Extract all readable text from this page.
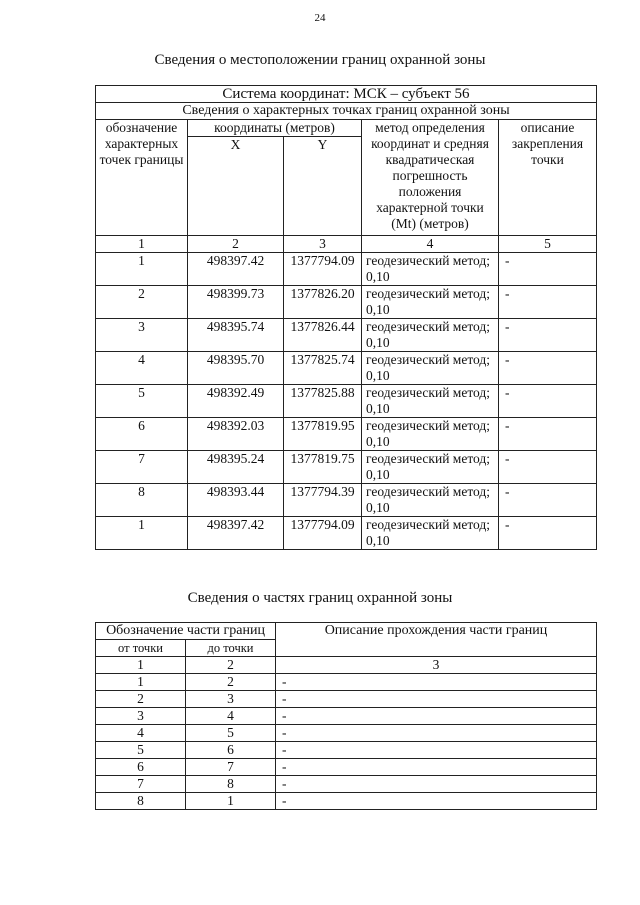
24
Сведения о местоположении границ охранной зоны
Система координат: МСК – субъект 56				
Сведения о характерных точках границ охранной зоны				
обозначение характерных точек границы	координаты (метров)		метод определения координат и средняя квадратическая погрешность положения характерной точки (Mt) (метров)	описание закрепления точки
	X	Y		
1	2	3	4	5
1	498397.42	1377794.09	геодезический метод; 0,10	-
2	498399.73	1377826.20	геодезический метод; 0,10	-
3	498395.74	1377826.44	геодезический метод; 0,10	-
4	498395.70	1377825.74	геодезический метод; 0,10	-
5	498392.49	1377825.88	геодезический метод; 0,10	-
6	498392.03	1377819.95	геодезический метод; 0,10	-
7	498395.24	1377819.75	геодезический метод; 0,10	-
8	498393.44	1377794.39	геодезический метод; 0,10	-
1	498397.42	1377794.09	геодезический метод; 0,10	-
Сведения о частях границ охранной зоны
Обозначение части границ		Описание прохождения части границ
от точки	до точки	
1	2	3
1	2	-
2	3	-
3	4	-
4	5	-
5	6	-
6	7	-
7	8	-
8	1	-
